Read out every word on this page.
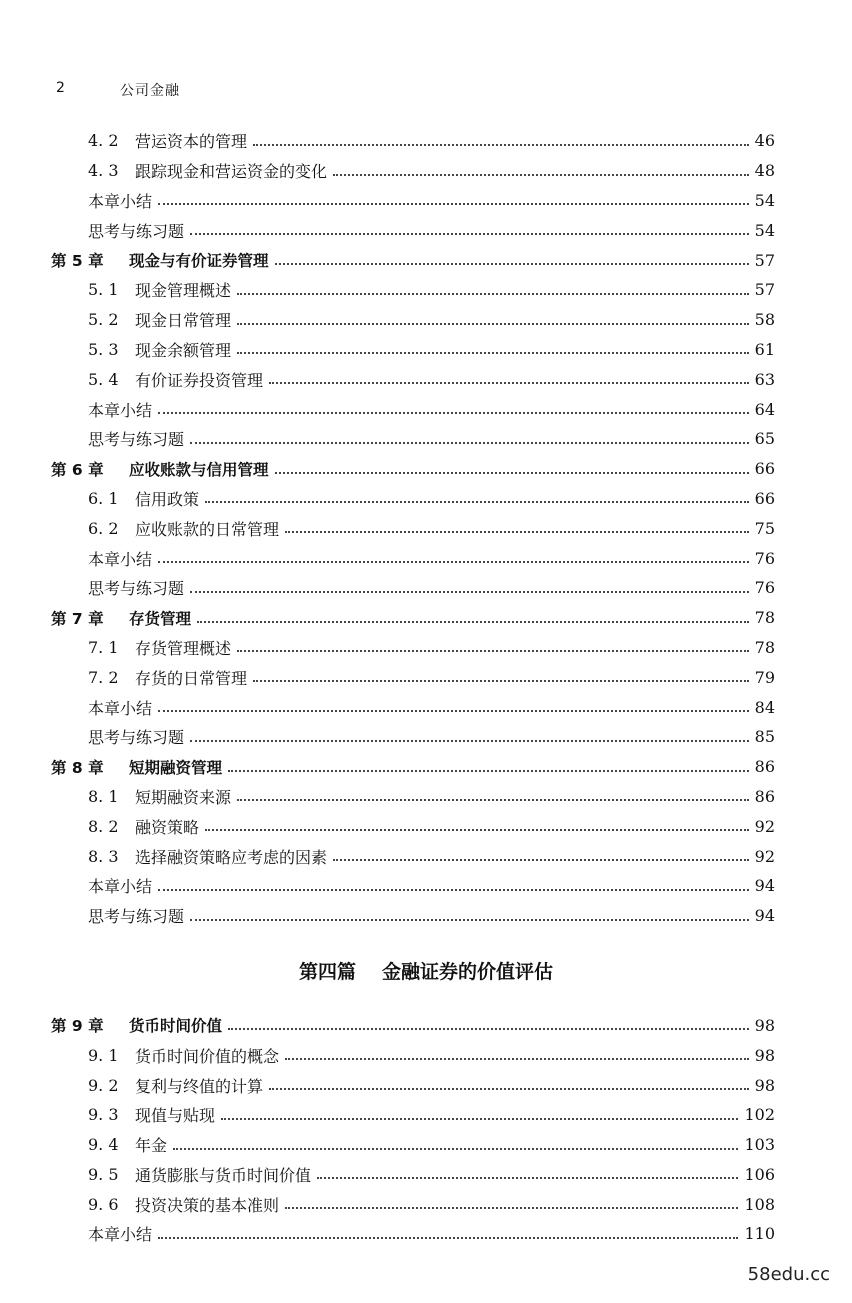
2	公司金融
4. 2	营运资本的管理	46
4. 3	跟踪现金和营运资金的变化	48
本章小结	54
思考与练习题	54
第 5 章	现金与有价证券管理	57
5. 1	现金管理概述	57
5. 2	现金日常管理	58
5. 3	现金余额管理	61
5. 4	有价证券投资管理	63
本章小结	64
思考与练习题	65
第 6 章	应收账款与信用管理	66
6. 1	信用政策	66
6. 2	应收账款的日常管理	75
本章小结	76
思考与练习题	76
第 7 章	存货管理	78
7. 1	存货管理概述	78
7. 2	存货的日常管理	79
本章小结	84
思考与练习题	85
第 8 章	短期融资管理	86
8. 1	短期融资来源	86
8. 2	融资策略	92
8. 3	选择融资策略应考虑的因素	92
本章小结	94
思考与练习题	94
第四篇 金融证券的价值评估
第 9 章	货币时间价值	98
9. 1	货币时间价值的概念	98
9. 2	复利与终值的计算	98
9. 3	现值与贴现	102
9. 4	年金	103
9. 5	通货膨胀与货币时间价值	106
9. 6	投资决策的基本准则	108
本章小结	110
58edu.cc
